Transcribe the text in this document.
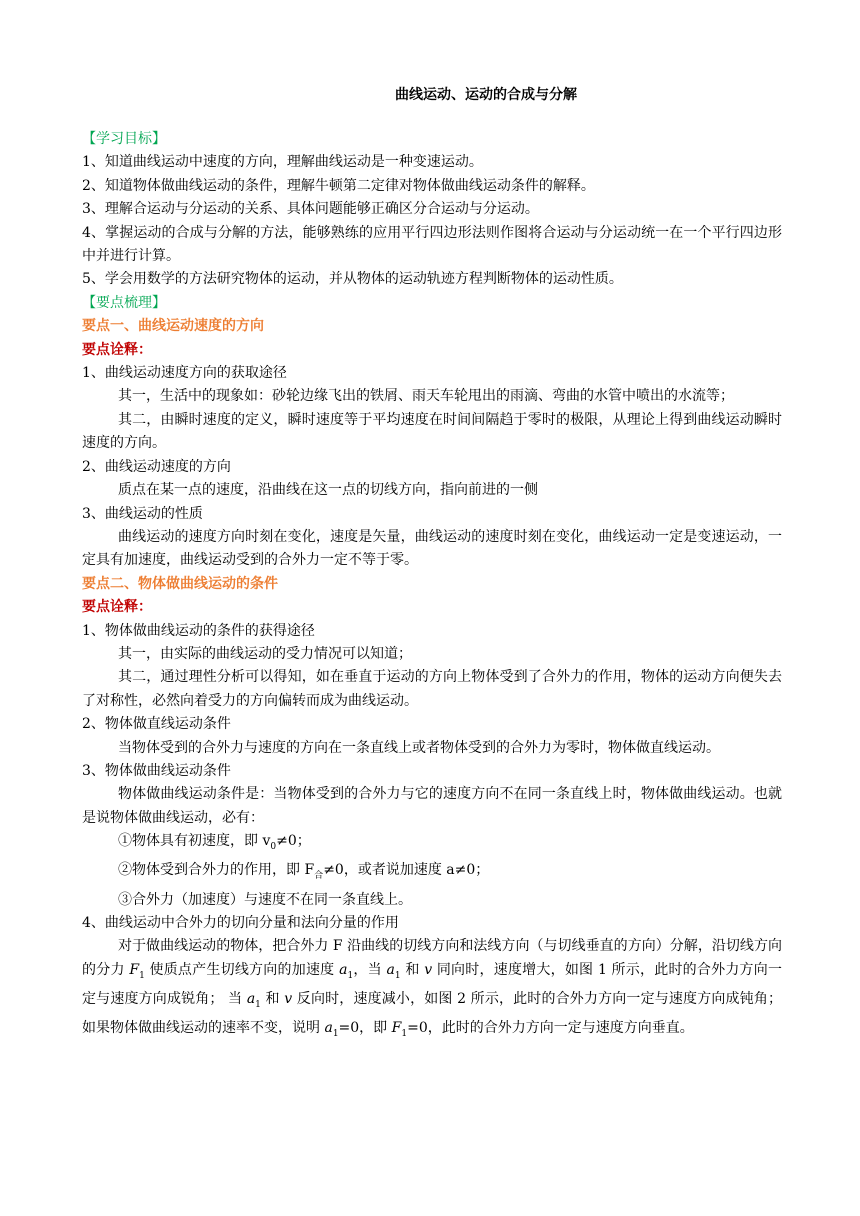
曲线运动、运动的合成与分解

【学习目标】

1、知道曲线运动中速度的方向，理解曲线运动是一种变速运动。

2、知道物体做曲线运动的条件，理解牛顿第二定律对物体做曲线运动条件的解释。

3、理解合运动与分运动的关系、具体问题能够正确区分合运动与分运动。

4、掌握运动的合成与分解的方法，能够熟练的应用平行四边形法则作图将合运动与分运动统一在一个平行四边形中并进行计算。

5、学会用数学的方法研究物体的运动，并从物体的运动轨迹方程判断物体的运动性质。

【要点梳理】

要点一、曲线运动速度的方向

要点诠释：

1、曲线运动速度方向的获取途径

其一，生活中的现象如：砂轮边缘飞出的铁屑、雨天车轮甩出的雨滴、弯曲的水管中喷出的水流等；

其二，由瞬时速度的定义，瞬时速度等于平均速度在时间间隔趋于零时的极限，从理论上得到曲线运动瞬时速度的方向。

2、曲线运动速度的方向

质点在某一点的速度，沿曲线在这一点的切线方向，指向前进的一侧

3、曲线运动的性质

曲线运动的速度方向时刻在变化，速度是矢量，曲线运动的速度时刻在变化，曲线运动一定是变速运动，一定具有加速度，曲线运动受到的合外力一定不等于零。

要点二、物体做曲线运动的条件

要点诠释：

1、物体做曲线运动的条件的获得途径

其一，由实际的曲线运动的受力情况可以知道；

其二，通过理性分析可以得知，如在垂直于运动的方向上物体受到了合外力的作用，物体的运动方向便失去了对称性，必然向着受力的方向偏转而成为曲线运动。

2、物体做直线运动条件

当物体受到的合外力与速度的方向在一条直线上或者物体受到的合外力为零时，物体做直线运动。

3、物体做曲线运动条件

物体做曲线运动条件是：当物体受到的合外力与它的速度方向不在同一条直线上时，物体做曲线运动。也就是说物体做曲线运动，必有：

①物体具有初速度，即 $v_0\ne 0$；

②物体受到合外力的作用，即 $F_合\ne 0$，或者说加速度 a≠0；

③合外力（加速度）与速度不在同一条直线上。

4、曲线运动中合外力的切向分量和法向分量的作用

对于做曲线运动的物体，把合外力 F 沿曲线的切线方向和法线方向（与切线垂直的方向）分解，沿切线方向的分力 $F_1$ 使质点产生切线方向的加速度 $a_1$，当 $a_1$ 和 v 同向时，速度增大，如图 1 所示，此时的合外力方向一定与速度方向成锐角； 当 $a_1$ 和 v 反向时，速度减小，如图 2 所示，此时的合外力方向一定与速度方向成钝角；如果物体做曲线运动的速率不变，说明 $a_1=0$，即 $F_1=0$，此时的合外力方向一定与速度方向垂直。
